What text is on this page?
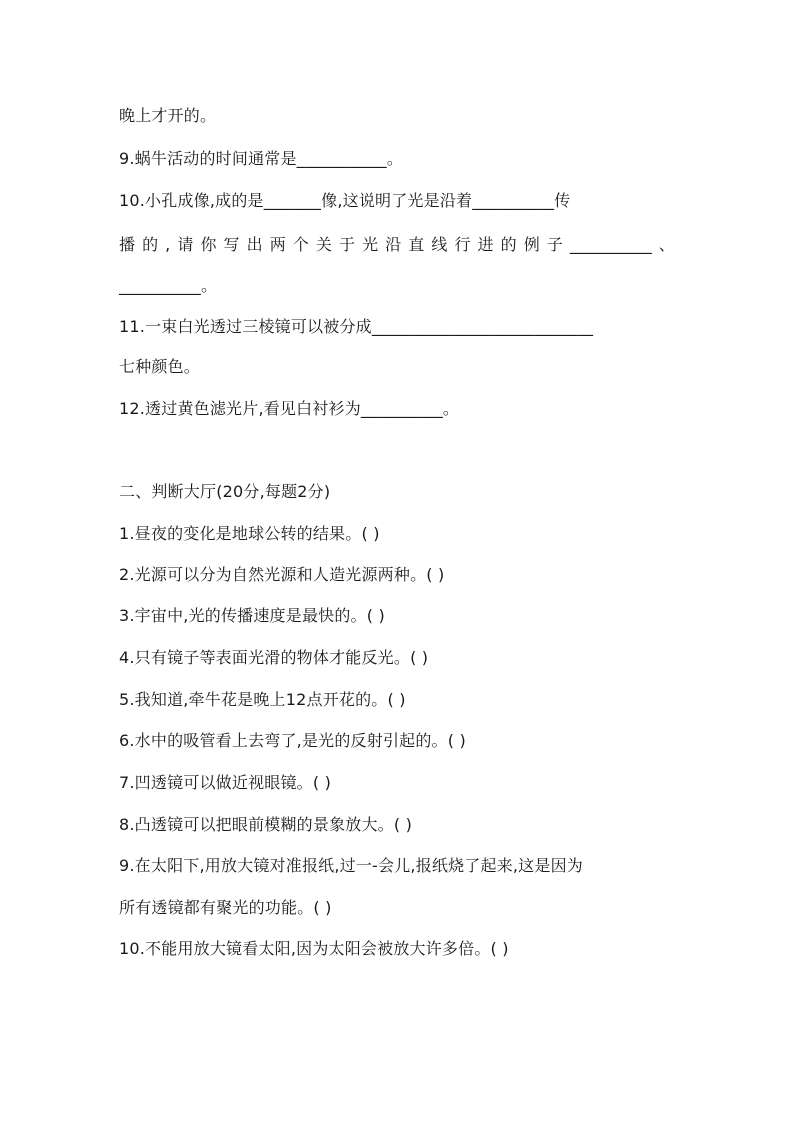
晚上才开的。
9.蜗牛活动的时间通常是___________。
10.小孔成像,成的是_______像,这说明了光是沿着__________传
播的,请你写出两个关于光沿直线行进的例子__________、
__________。
11.一束白光透过三棱镜可以被分成___________________________
七种颜色。
12.透过黄色滤光片,看见白衬衫为__________。
二、判断大厅(20分,每题2分)
1.昼夜的变化是地球公转的结果。( )
2.光源可以分为自然光源和人造光源两种。( )
3.宇宙中,光的传播速度是最快的。( )
4.只有镜子等表面光滑的物体才能反光。( )
5.我知道,牵牛花是晚上12点开花的。( )
6.水中的吸管看上去弯了,是光的反射引起的。( )
7.凹透镜可以做近视眼镜。( )
8.凸透镜可以把眼前模糊的景象放大。( )
9.在太阳下,用放大镜对准报纸,过一-会儿,报纸烧了起来,这是因为
所有透镜都有聚光的功能。( )
10.不能用放大镜看太阳,因为太阳会被放大许多倍。( )
